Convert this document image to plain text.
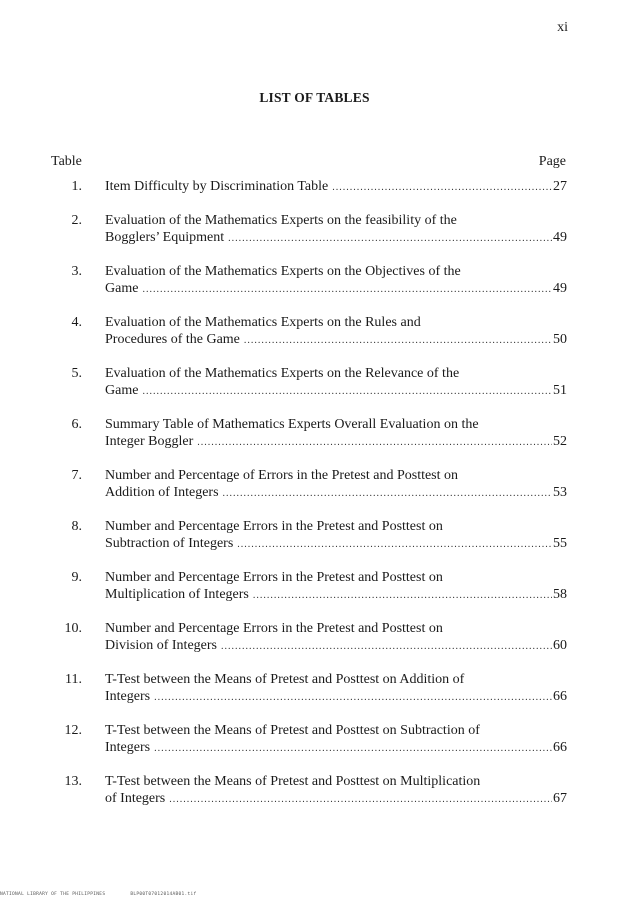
xi
LIST OF TABLES
Table	Page
1. Item Difficulty by Discrimination Table .....	27
2. Evaluation of the Mathematics Experts on the feasibility of the
Bogglers’ Equipment .....	49
3. Evaluation of the Mathematics Experts on the Objectives of the
Game .....	49
4. Evaluation of the Mathematics Experts on the Rules and
Procedures of the Game .....	50
5. Evaluation of the Mathematics Experts on the Relevance of the
Game .....	51
6. Summary Table of Mathematics Experts Overall Evaluation on the
Integer Boggler .....	52
7. Number and Percentage of Errors in the Pretest and Posttest on
Addition of Integers .....	53
8. Number and Percentage Errors in the Pretest and Posttest on
Subtraction of Integers .....	55
9. Number and Percentage Errors in the Pretest and Posttest on
Multiplication of Integers .....	58
10. Number and Percentage Errors in the Pretest and Posttest on
Division of Integers .....	60
11. T-Test between the Means of Pretest and Posttest on Addition of
Integers .....	66
12. T-Test between the Means of Pretest and Posttest on Subtraction of
Integers .....	66
13. T-Test between the Means of Pretest and Posttest on Multiplication
of Integers .....	67
NATIONAL LIBRARY OF THE PHILIPPINES	BLP00T07012014AB01.tif
